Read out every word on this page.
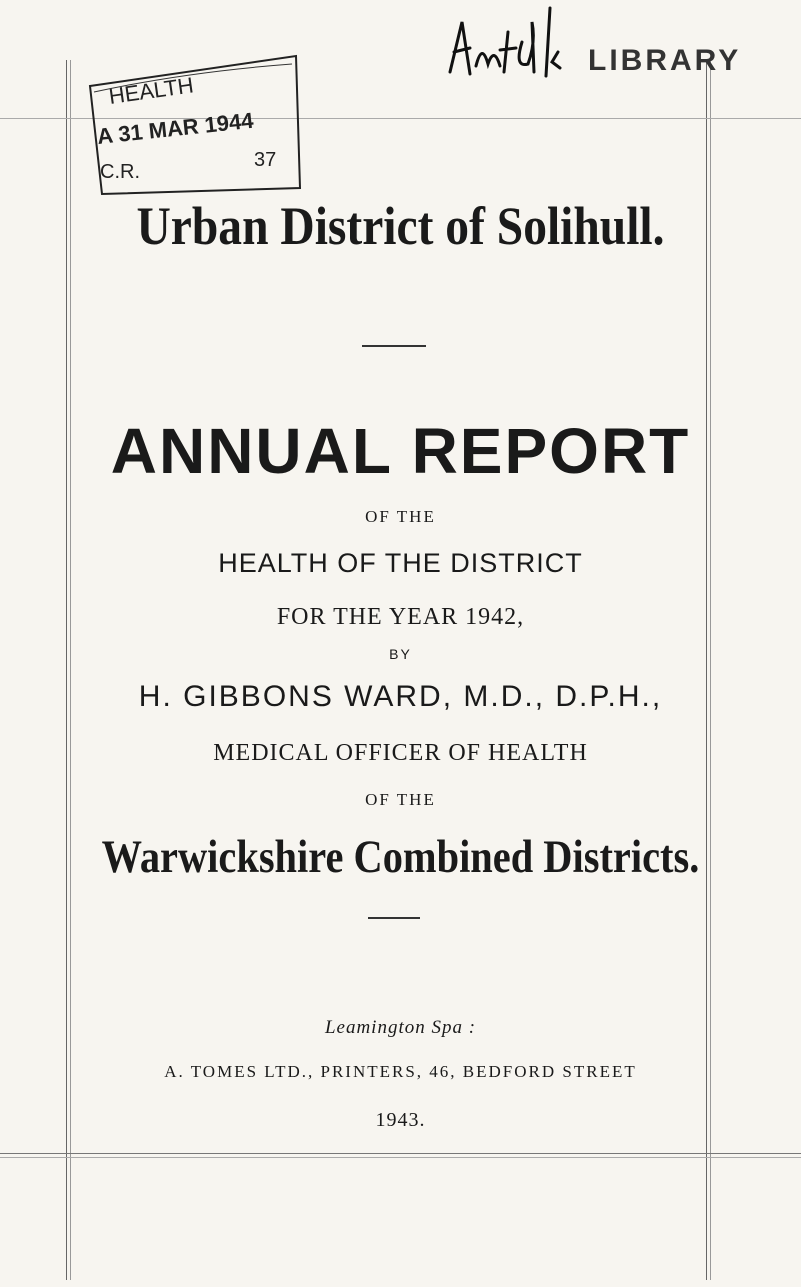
HEALTH
A 31 MAR 1944
C.R.
37
LIBRARY
Urban District of Solihull.
ANNUAL REPORT
OF THE
HEALTH OF THE DISTRICT
FOR THE YEAR 1942,
BY
H. GIBBONS WARD, M.D., D.P.H.,
MEDICAL OFFICER OF HEALTH
OF THE
Warwickshire Combined Districts.
Leamington Spa :
A. TOMES LTD., PRINTERS, 46, BEDFORD STREET
1943.
